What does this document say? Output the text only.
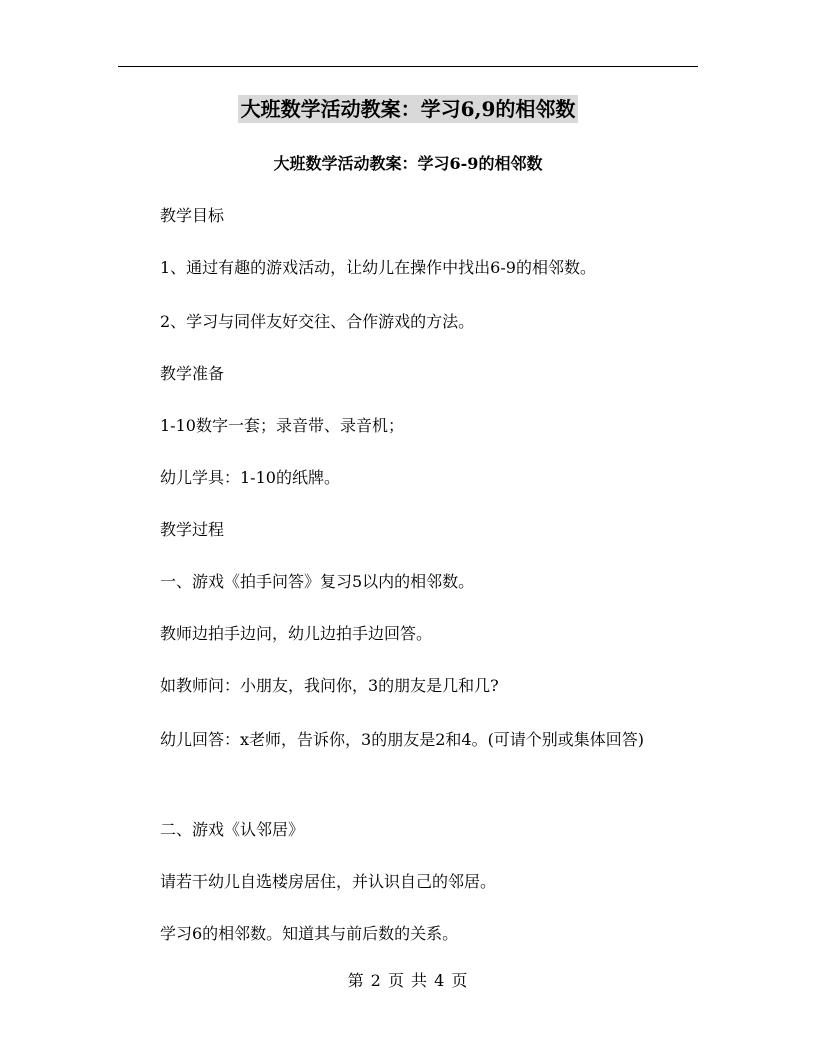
大班数学活动教案：学习6,9的相邻数
大班数学活动教案：学习6-9的相邻数
教学目标
1、通过有趣的游戏活动，让幼儿在操作中找出6-9的相邻数。
2、学习与同伴友好交往、合作游戏的方法。
教学准备
1-10数字一套；录音带、录音机；
幼儿学具：1-10的纸牌。
教学过程
一、游戏《拍手问答》复习5以内的相邻数。
教师边拍手边问，幼儿边拍手边回答。
如教师问：小朋友，我问你，3的朋友是几和几?
幼儿回答：x老师，告诉你，3的朋友是2和4。(可请个别或集体回答)
二、游戏《认邻居》
请若干幼儿自选楼房居住，并认识自己的邻居。
学习6的相邻数。知道其与前后数的关系。
第 2 页 共 4 页
